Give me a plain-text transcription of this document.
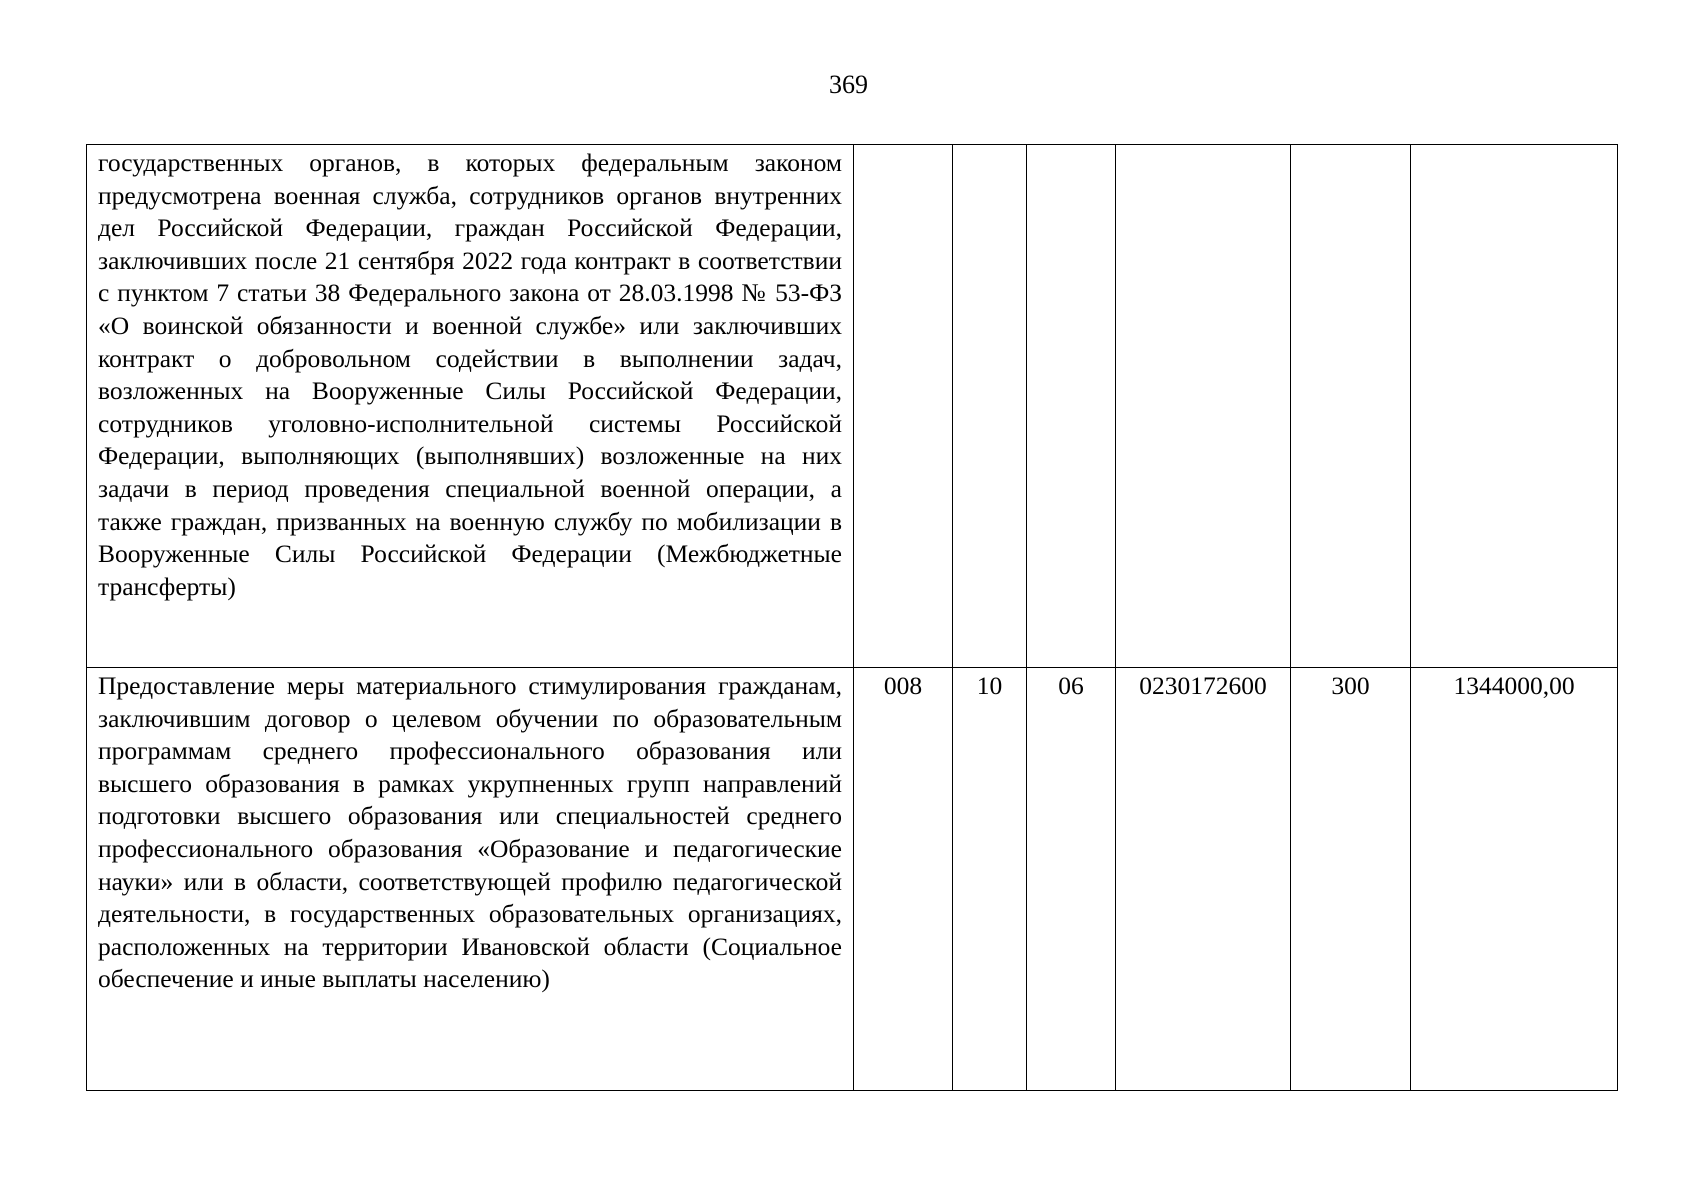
369
государственных органов, в которых федеральным законом предусмотрена военная служба, сотрудников органов внутренних дел Российской Федерации, граждан Российской Федерации, заключивших после 21 сентября 2022 года контракт в соответствии с пунктом 7 статьи 38 Федерального закона от 28.03.1998 № 53-ФЗ «О воинской обязанности и военной службе» или заключивших контракт о добровольном содействии в выполнении задач, возложенных на Вооруженные Силы Российской Федерации, сотрудников уголовно-исполнительной системы Российской Федерации, выполняющих (выполнявших) возложенные на них задачи в период проведения специальной военной операции, а также граждан, призванных на военную службу по мобилизации в Вооруженные Силы Российской Федерации (Межбюджетные трансферты)						
Предоставление меры материального стимулирования гражданам, заключившим договор о целевом обучении по образовательным программам среднего профессионального образования или высшего образования в рамках укрупненных групп направлений подготовки высшего образования или специальностей среднего профессионального образования «Образование и педагогические науки» или в области, соответствующей профилю педагогической деятельности, в государственных образовательных организациях, расположенных на территории Ивановской области (Социальное обеспечение и иные выплаты населению)	008	10	06	0230172600	300	1344000,00
